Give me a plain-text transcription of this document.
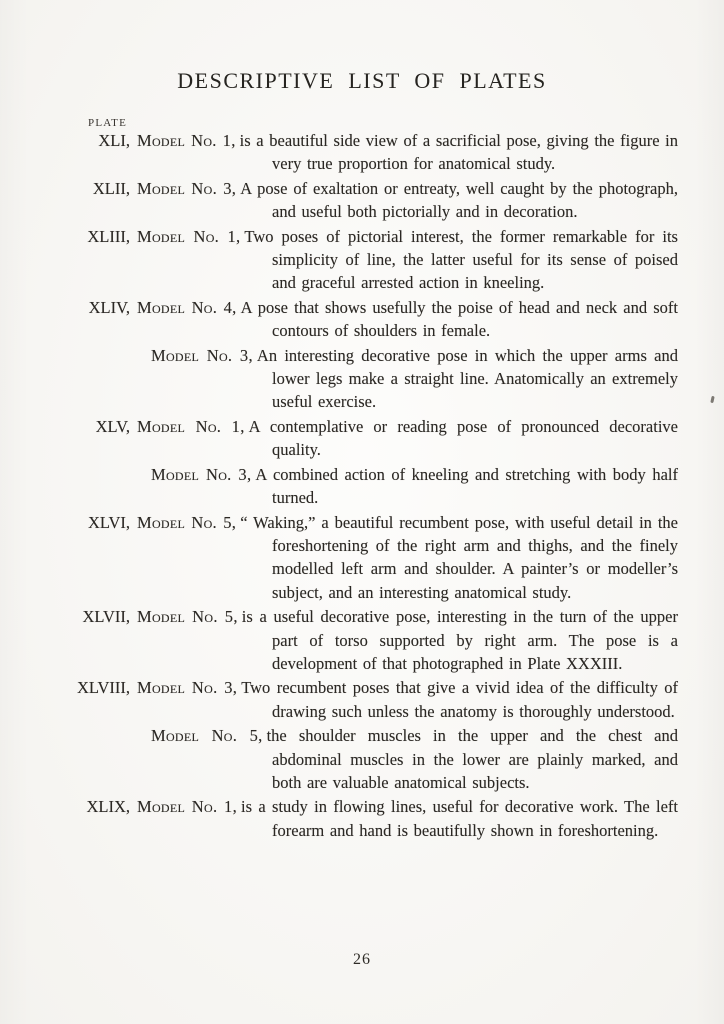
DESCRIPTIVE LIST OF PLATES
PLATE

XLI, Model No. 1, is a beautiful side view of a sacrificial pose, giving the figure in very true proportion for anatomical study.

XLII, Model No. 3, A pose of exaltation or entreaty, well caught by the photograph, and useful both pictorially and in decoration.

XLIII, Model No. 1, Two poses of pictorial interest, the former remarkable for its simplicity of line, the latter useful for its sense of poised and graceful arrested action in kneeling.

XLIV, Model No. 4, A pose that shows usefully the poise of head and neck and soft contours of shoulders in female.

Model No. 3, An interesting decorative pose in which the upper arms and lower legs make a straight line. Anatomically an extremely useful exercise.

XLV, Model No. 1, A contemplative or reading pose of pronounced decorative quality.

Model No. 3, A combined action of kneeling and stretching with body half turned.

XLVI, Model No. 5, “ Waking,” a beautiful recumbent pose, with useful detail in the foreshortening of the right arm and thighs, and the finely modelled left arm and shoulder. A painter’s or modeller’s subject, and an interesting anatomical study.

XLVII, Model No. 5, is a useful decorative pose, interesting in the turn of the upper part of torso supported by right arm. The pose is a development of that photographed in Plate XXXIII.

XLVIII, Model No. 3, Two recumbent poses that give a vivid idea of the difficulty of drawing such unless the anatomy is thoroughly understood.

Model No. 5, the shoulder muscles in the upper and the chest and abdominal muscles in the lower are plainly marked, and both are valuable anatomical subjects.

XLIX, Model No. 1, is a study in flowing lines, useful for decorative work. The left forearm and hand is beautifully shown in foreshortening.

26
